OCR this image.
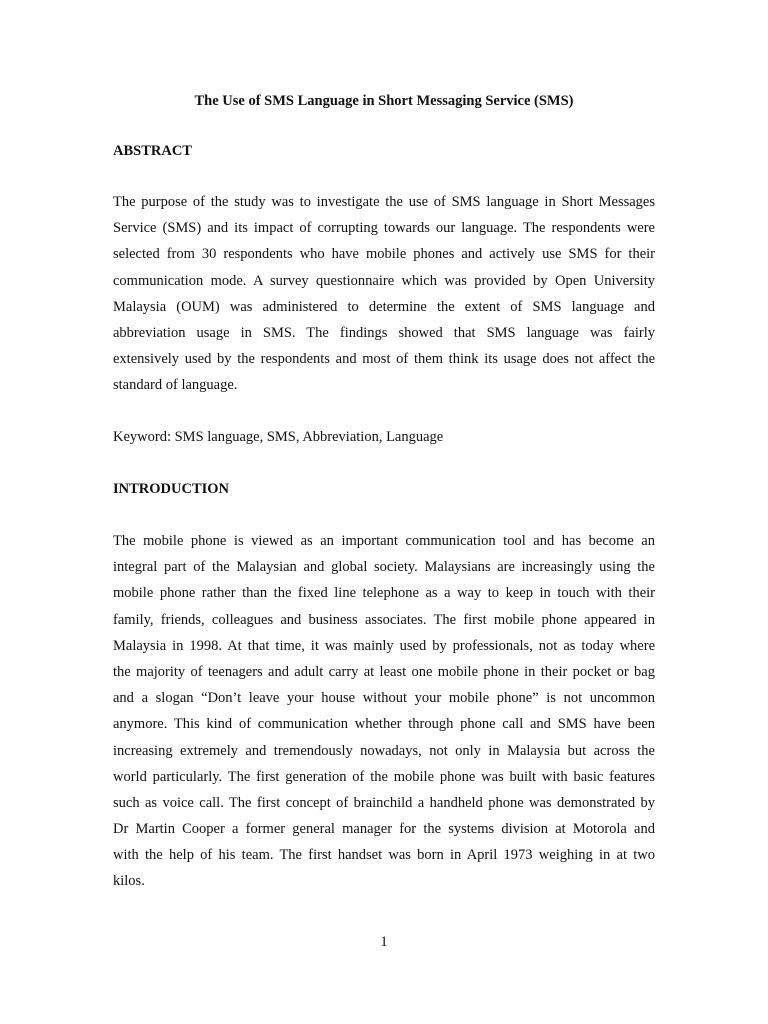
The Use of SMS Language in Short Messaging Service (SMS)
ABSTRACT
The purpose of the study was to investigate the use of SMS language in Short Messages
Service (SMS) and its impact of corrupting towards our language. The respondents were
selected from 30 respondents who have mobile phones and actively use SMS for their
communication mode. A survey questionnaire which was provided by Open University
Malaysia (OUM) was administered to determine the extent of SMS language and
abbreviation usage in SMS. The findings showed that SMS language was fairly
extensively used by the respondents and most of them think its usage does not affect the
standard of language.
Keyword: SMS language, SMS, Abbreviation, Language
INTRODUCTION
The mobile phone is viewed as an important communication tool and has become an
integral part of the Malaysian and global society. Malaysians are increasingly using the
mobile phone rather than the fixed line telephone as a way to keep in touch with their
family, friends, colleagues and business associates. The first mobile phone appeared in
Malaysia in 1998. At that time, it was mainly used by professionals, not as today where
the majority of teenagers and adult carry at least one mobile phone in their pocket or bag
and a slogan “Don’t leave your house without your mobile phone” is not uncommon
anymore. This kind of communication whether through phone call and SMS have been
increasing extremely and tremendously nowadays, not only in Malaysia but across the
world particularly. The first generation of the mobile phone was built with basic features
such as voice call. The first concept of brainchild a handheld phone was demonstrated by
Dr Martin Cooper a former general manager for the systems division at Motorola and
with the help of his team. The first handset was born in April 1973 weighing in at two
kilos.
1
